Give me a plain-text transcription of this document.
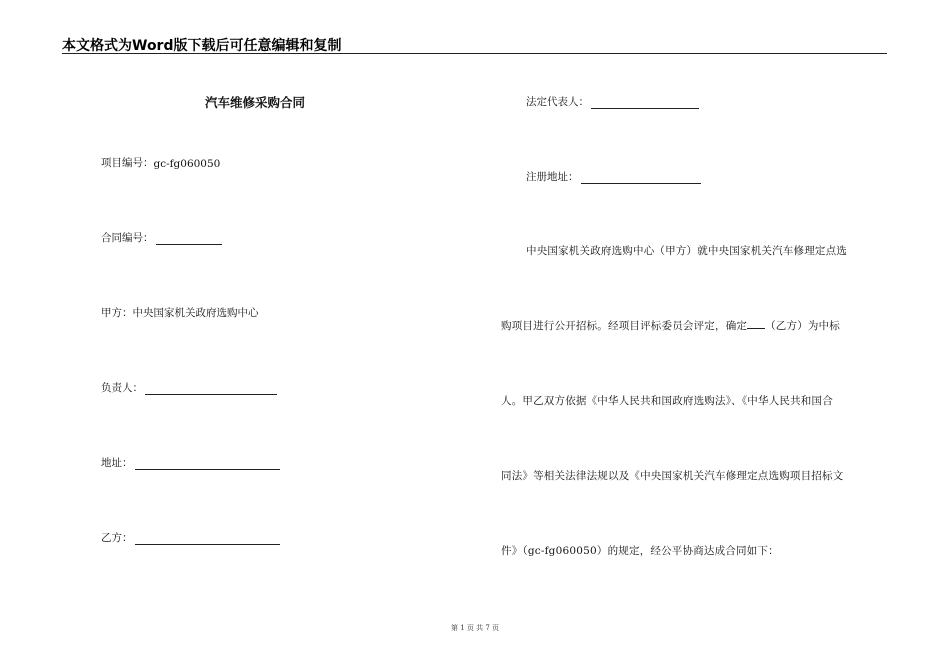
本文格式为Word版下载后可任意编辑和复制
汽车维修采购合同
项目编号： gc-fg060050
合同编号：
甲方： 中央国家机关政府选购中心
负责人：
地址：
乙方：
法定代表人：
注册地址：
中央国家机关政府选购中心（甲方）就中央国家机关汽车修理定点选
购项目进行公开招标。经项目评标委员会评定，确定 （乙方）为中标
人。甲乙双方依据《中华人民共和国政府选购法》、《中华人民共和国合
同法》等相关法律法规以及《中央国家机关汽车修理定点选购项目招标文
件》（gc-fg060050）的规定，经公平协商达成合同如下：
第 1 页 共 7 页
